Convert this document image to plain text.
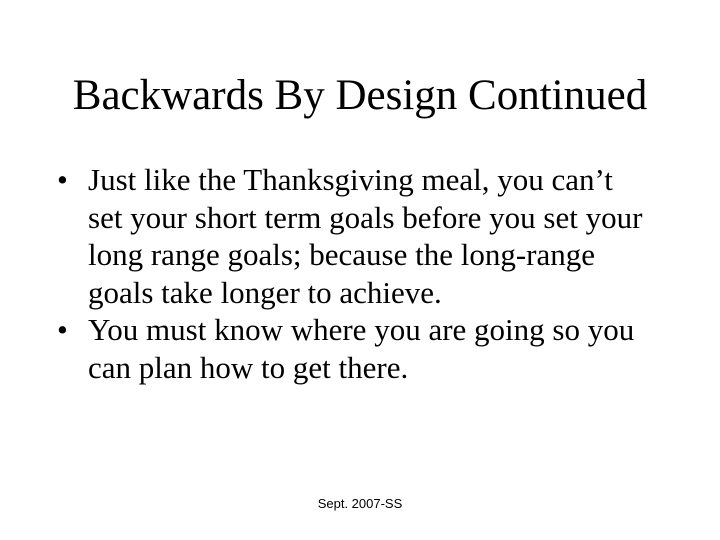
Backwards By Design Continued
• Just like the Thanksgiving meal, you can’t
set your short term goals before you set your
long range goals; because the long-range
goals take longer to achieve.
• You must know where you are going so you
can plan how to get there.
Sept. 2007-SS
